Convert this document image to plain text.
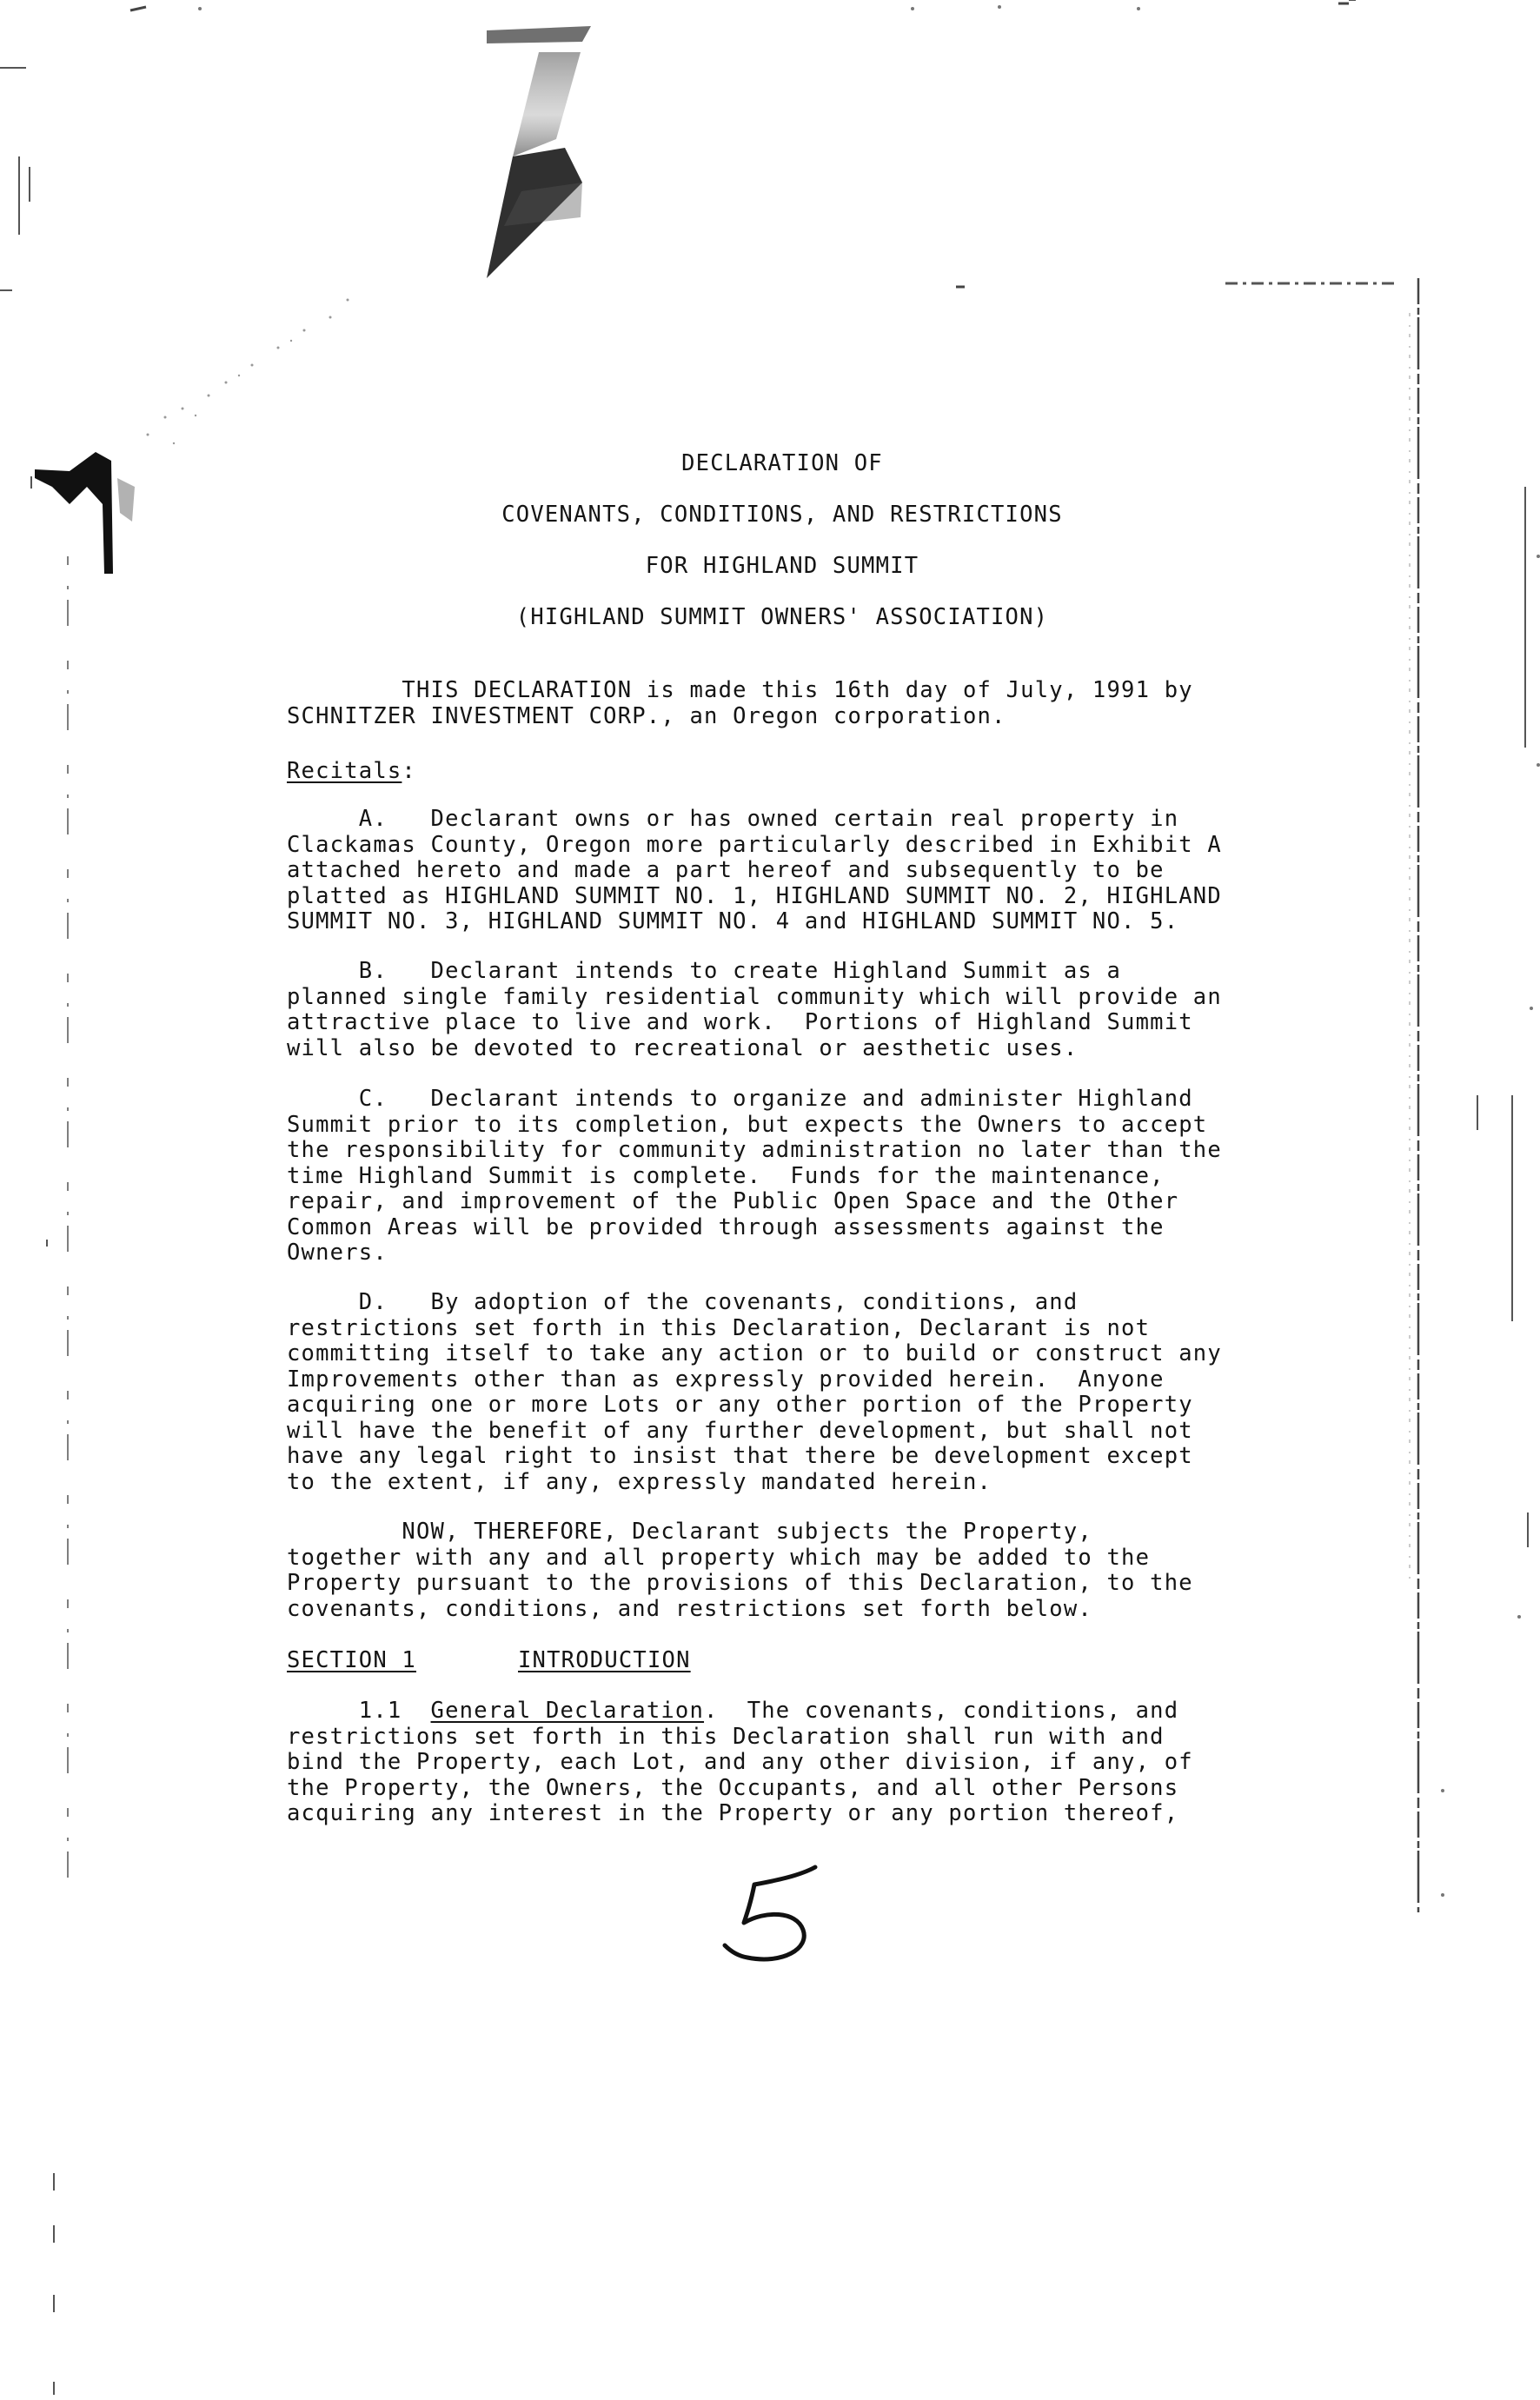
DECLARATION OF
COVENANTS, CONDITIONS, AND RESTRICTIONS
FOR HIGHLAND SUMMIT
(HIGHLAND SUMMIT OWNERS' ASSOCIATION)
THIS DECLARATION is made this 16th day of July, 1991 by
SCHNITZER INVESTMENT CORP., an Oregon corporation.
Recitals:
A.   Declarant owns or has owned certain real property in
Clackamas County, Oregon more particularly described in Exhibit A
attached hereto and made a part hereof and subsequently to be
platted as HIGHLAND SUMMIT NO. 1, HIGHLAND SUMMIT NO. 2, HIGHLAND
SUMMIT NO. 3, HIGHLAND SUMMIT NO. 4 and HIGHLAND SUMMIT NO. 5.
B.   Declarant intends to create Highland Summit as a
planned single family residential community which will provide an
attractive place to live and work.  Portions of Highland Summit
will also be devoted to recreational or aesthetic uses.
C.   Declarant intends to organize and administer Highland
Summit prior to its completion, but expects the Owners to accept
the responsibility for community administration no later than the
time Highland Summit is complete.  Funds for the maintenance,
repair, and improvement of the Public Open Space and the Other
Common Areas will be provided through assessments against the
Owners.
D.   By adoption of the covenants, conditions, and
restrictions set forth in this Declaration, Declarant is not
committing itself to take any action or to build or construct any
Improvements other than as expressly provided herein.  Anyone
acquiring one or more Lots or any other portion of the Property
will have the benefit of any further development, but shall not
have any legal right to insist that there be development except
to the extent, if any, expressly mandated herein.
NOW, THEREFORE, Declarant subjects the Property,
together with any and all property which may be added to the
Property pursuant to the provisions of this Declaration, to the
covenants, conditions, and restrictions set forth below.
SECTION 1	INTRODUCTION
1.1  General Declaration.  The covenants, conditions, and
restrictions set forth in this Declaration shall run with and
bind the Property, each Lot, and any other division, if any, of
the Property, the Owners, the Occupants, and all other Persons
acquiring any interest in the Property or any portion thereof,
